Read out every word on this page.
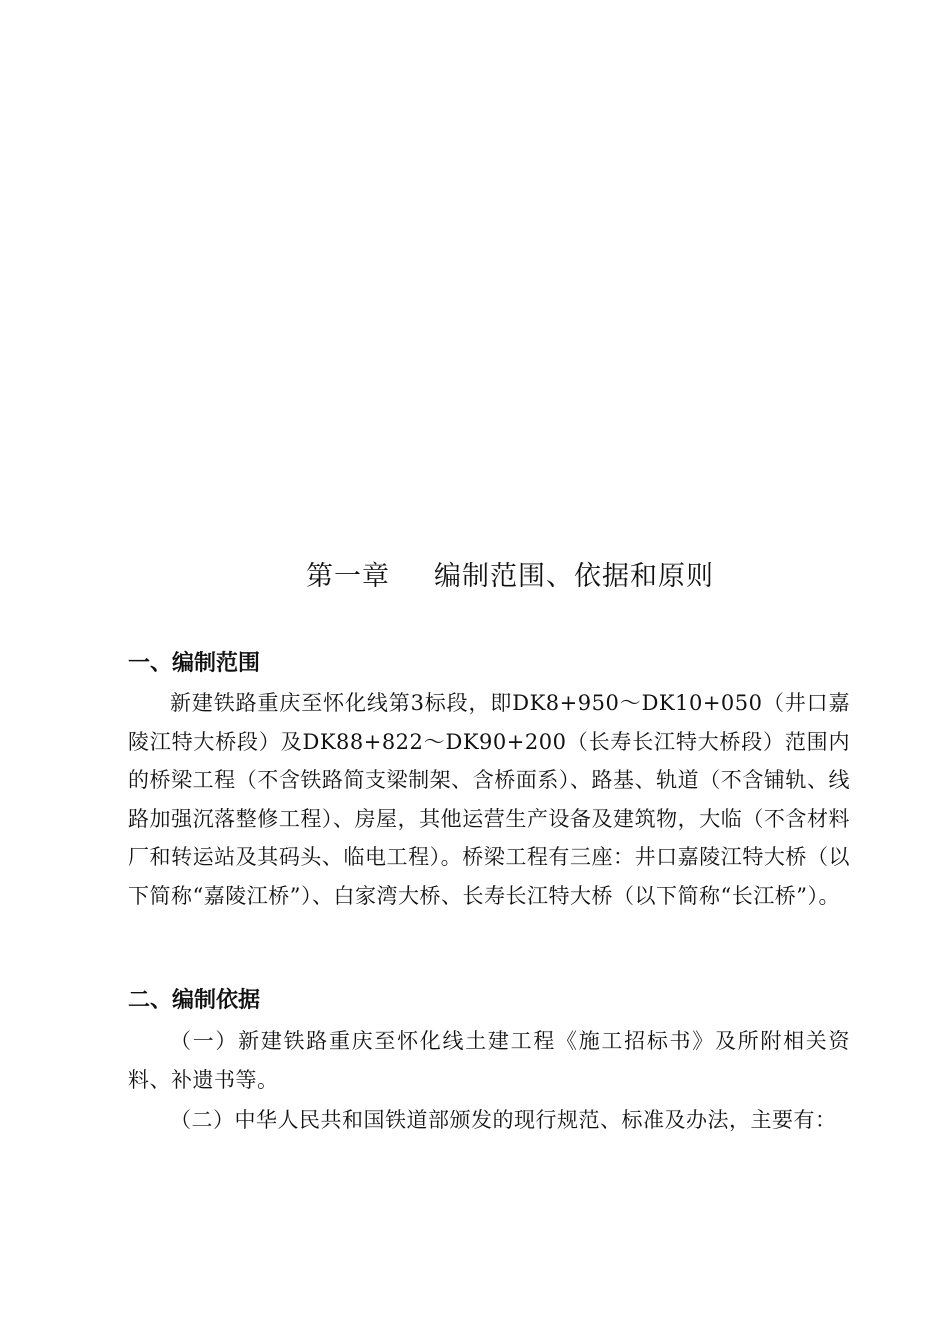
第一章 编制范围、依据和原则
一、编制范围
新建铁路重庆至怀化线第3标段，即DK8+950～DK10+050（井口嘉陵江特大桥段）及DK88+822～DK90+200（长寿长江特大桥段）范围内的桥梁工程（不含铁路简支梁制架、含桥面系）、路基、轨道（不含铺轨、线路加强沉落整修工程）、房屋，其他运营生产设备及建筑物，大临（不含材料厂和转运站及其码头、临电工程）。桥梁工程有三座：井口嘉陵江特大桥（以下简称“嘉陵江桥”）、白家湾大桥、长寿长江特大桥（以下简称“长江桥”）。
二、编制依据
（一）新建铁路重庆至怀化线土建工程《施工招标书》及所附相关资料、补遗书等。
（二）中华人民共和国铁道部颁发的现行规范、标准及办法，主要有：
